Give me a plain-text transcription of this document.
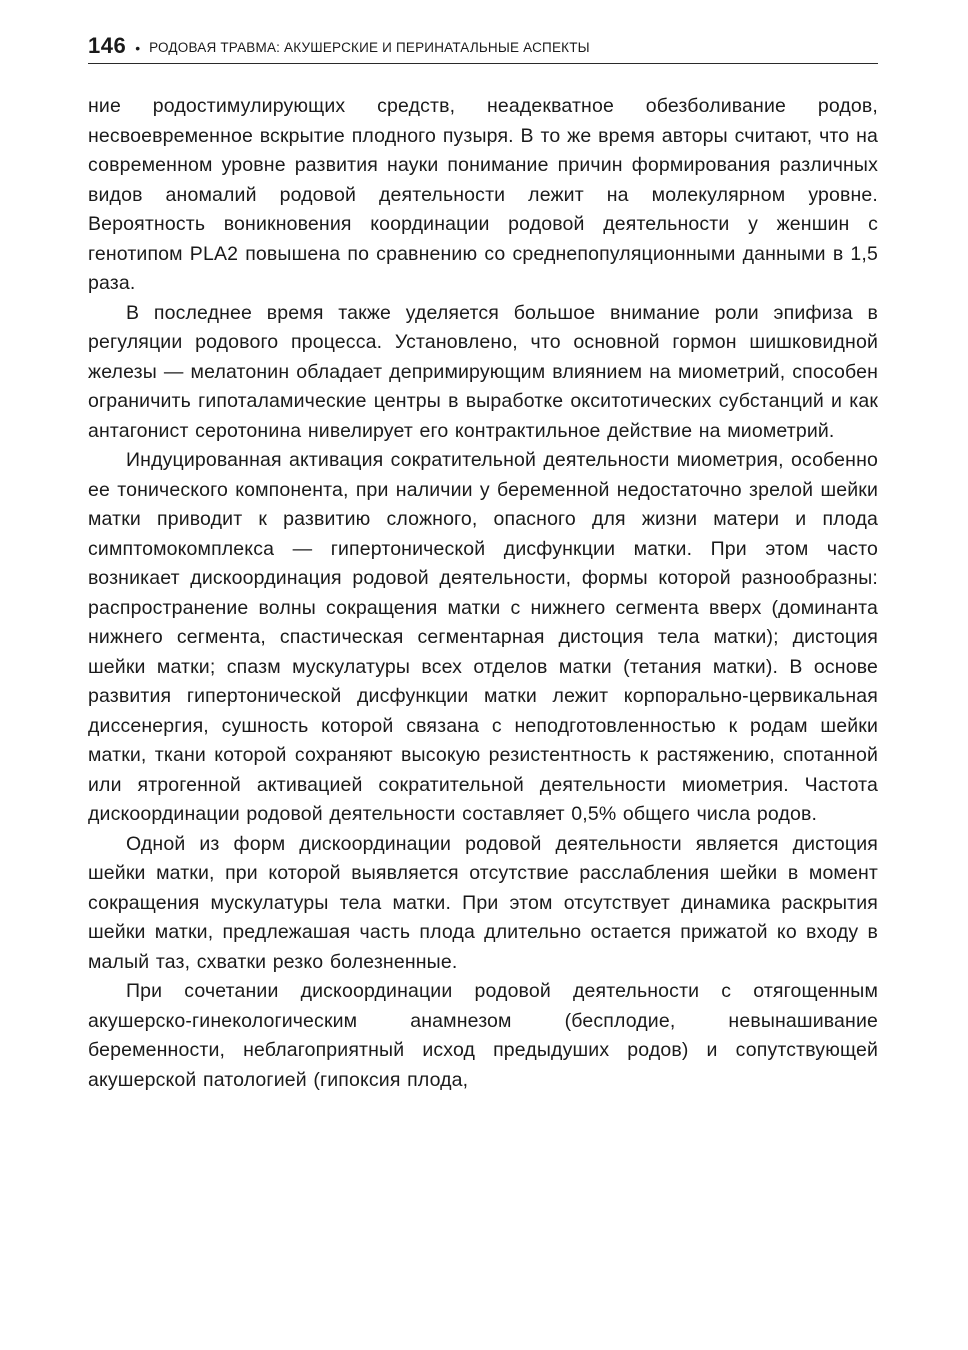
146 • РОДОВАЯ ТРАВМА: АКУШЕРСКИЕ И ПЕРИНАТАЛЬНЫЕ АСПЕКТЫ

ние родостимулирующих средств, неадекватное обезболивание родов, несвоевременное вскрытие плодного пузыря. В то же время авторы считают, что на современном уровне развития науки понимание причин формирования различных видов аномалий родовой деятельности лежит на молекулярном уровне. Вероятность воникновения координации родовой деятельности у женшин с генотипом PLA2 повышена по сравнению со среднепопуляционными данными в 1,5 раза.

В последнее время также уделяется большое внимание роли эпифиза в регуляции родового процесса. Установлено, что основной гормон шишковидной железы — мелатонин обладает депримирующим влиянием на миометрий, способен ограничить гипоталамические центры в выработке окситотических субстанций и как антагонист серотонина нивелирует его контрактильное действие на миометрий.

Индуцированная активация сократительной деятельности миометрия, особенно ее тонического компонента, при наличии у беременной недостаточно зрелой шейки матки приводит к развитию сложного, опасного для жизни матери и плода симптомокомплекса — гипертонической дисфункции матки. При этом часто возникает дискоординация родовой деятельности, формы которой разнообразны: распространение волны сокращения матки с нижнего сегмента вверх (доминанта нижнего сегмента, спастическая сегментарная дистоция тела матки); дистоция шейки матки; спазм мускулатуры всех отделов матки (тетания матки). В основе развития гипертонической дисфункции матки лежит корпорально-цервикальная диссенергия, сушность которой связана с неподготовленностью к родам шейки матки, ткани которой сохраняют высокую резистентность к растяжению, спотанной или ятрогенной активацией сократительной деятельности миометрия. Частота дискоординации родовой деятельности составляет 0,5% общего числа родов.

Одной из форм дискоординации родовой деятельности является дистоция шейки матки, при которой выявляется отсутствие расслабления шейки в момент сокращения мускулатуры тела матки. При этом отсутствует динамика раскрытия шейки матки, предлежашая часть плода длительно остается прижатой ко входу в малый таз, схватки резко болезненные.

При сочетании дискоординации родовой деятельности с отягощенным акушерско-гинекологическим анамнезом (бесплодие, невынашивание беременности, неблагоприятный исход предыдуших родов) и сопутствующей акушерской патологией (гипоксия плода,
